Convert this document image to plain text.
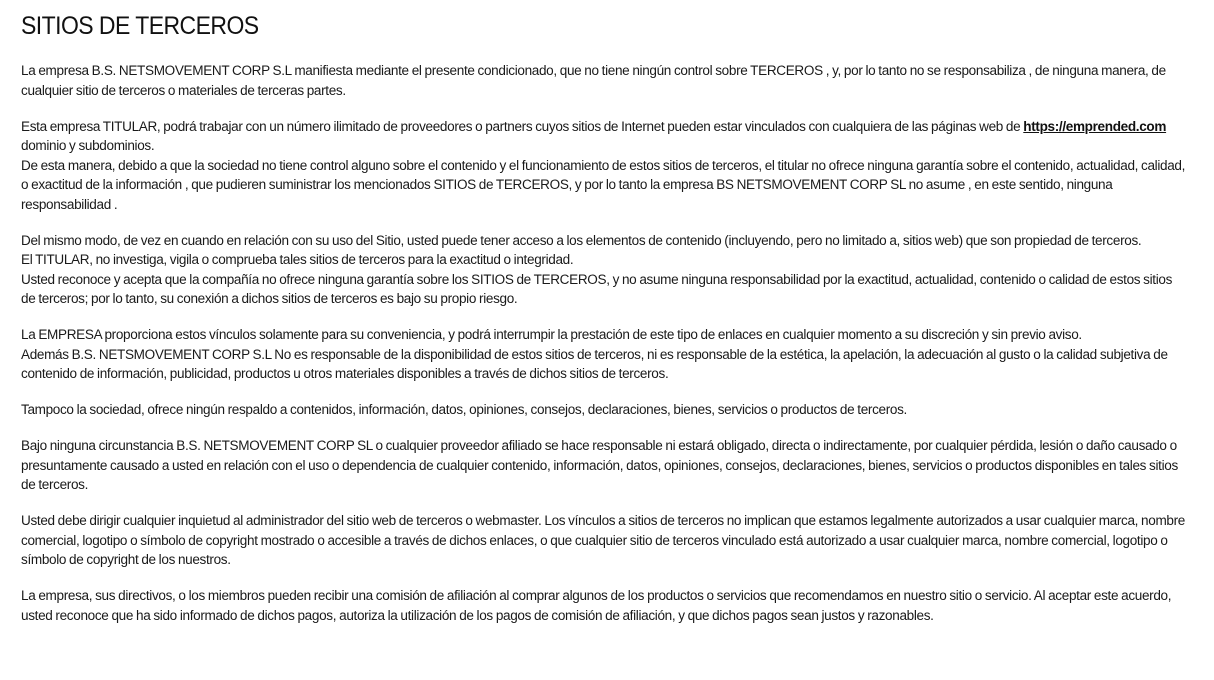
SITIOS DE TERCEROS

La empresa B.S. NETSMOVEMENT CORP S.L manifiesta mediante el presente condicionado, que no tiene ningún control sobre TERCEROS , y, por lo tanto no se responsabiliza , de ninguna manera, de cualquier sitio de terceros o materiales de terceras partes.

Esta empresa TITULAR, podrá trabajar con un número ilimitado de proveedores o partners cuyos sitios de Internet pueden estar vinculados con cualquiera de las páginas web de https://emprended.com dominio y subdominios.
De esta manera, debido a que la sociedad no tiene control alguno sobre el contenido y el funcionamiento de estos sitios de terceros, el titular no ofrece ninguna garantía sobre el contenido, actualidad, calidad, o exactitud de la información , que pudieren suministrar los mencionados SITIOS de TERCEROS, y por lo tanto la empresa BS NETSMOVEMENT CORP SL no asume , en este sentido, ninguna responsabilidad .

Del mismo modo, de vez en cuando en relación con su uso del Sitio, usted puede tener acceso a los elementos de contenido (incluyendo, pero no limitado a, sitios web) que son propiedad de terceros.
El TITULAR, no investiga, vigila o comprueba tales sitios de terceros para la exactitud o integridad.
Usted reconoce y acepta que la compañía no ofrece ninguna garantía sobre los SITIOS de TERCEROS, y no asume ninguna responsabilidad por la exactitud, actualidad, contenido o calidad de estos sitios de terceros; por lo tanto, su conexión a dichos sitios de terceros es bajo su propio riesgo.

La EMPRESA proporciona estos vínculos solamente para su conveniencia, y podrá interrumpir la prestación de este tipo de enlaces en cualquier momento a su discreción y sin previo aviso.
Además B.S. NETSMOVEMENT CORP S.L No es responsable de la disponibilidad de estos sitios de terceros, ni es responsable de la estética, la apelación, la adecuación al gusto o la calidad subjetiva de contenido de información, publicidad, productos u otros materiales disponibles a través de dichos sitios de terceros.

Tampoco la sociedad, ofrece ningún respaldo a contenidos, información, datos, opiniones, consejos, declaraciones, bienes, servicios o productos de terceros.

Bajo ninguna circunstancia B.S. NETSMOVEMENT CORP SL o cualquier proveedor afiliado se hace responsable ni estará obligado, directa o indirectamente, por cualquier pérdida, lesión o daño causado o presuntamente causado a usted en relación con el uso o dependencia de cualquier contenido, información, datos, opiniones, consejos, declaraciones, bienes, servicios o productos disponibles en tales sitios de terceros.

Usted debe dirigir cualquier inquietud al administrador del sitio web de terceros o webmaster. Los vínculos a sitios de terceros no implican que estamos legalmente autorizados a usar cualquier marca, nombre comercial, logotipo o símbolo de copyright mostrado o accesible a través de dichos enlaces, o que cualquier sitio de terceros vinculado está autorizado a usar cualquier marca, nombre comercial, logotipo o símbolo de copyright de los nuestros.

La empresa, sus directivos, o los miembros pueden recibir una comisión de afiliación al comprar algunos de los productos o servicios que recomendamos en nuestro sitio o servicio. Al aceptar este acuerdo, usted reconoce que ha sido informado de dichos pagos, autoriza la utilización de los pagos de comisión de afiliación, y que dichos pagos sean justos y razonables.
